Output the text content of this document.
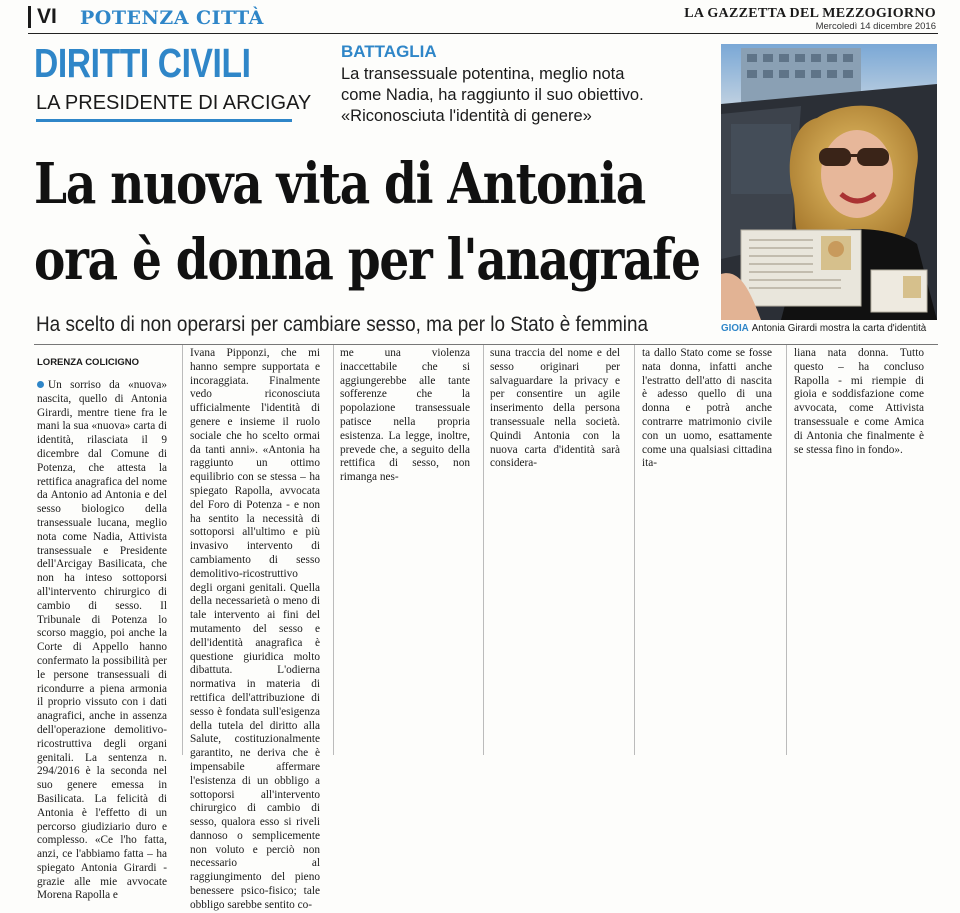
VI POTENZA CITTÀ	LA GAZZETTA DEL MEZZOGIORNO
Mercoledì 14 dicembre 2016
DIRITTI CIVILI
LA PRESIDENTE DI ARCIGAY
BATTAGLIA
La transessuale potentina, meglio nota come Nadia, ha raggiunto il suo obiettivo. «Riconosciuta l'identità di genere»
La nuova vita di Antonia
ora è donna per l'anagrafe
Ha scelto di non operarsi per cambiare sesso, ma per lo Stato è femmina	GIOIA Antonia Girardi mostra la carta d'identità
LORENZA COLICIGNO
Un sorriso da «nuova» nascita, quello di Antonia Girardi, mentre tiene fra le mani la sua «nuova» carta di identità, rilasciata il 9 dicembre dal Comune di Potenza, che attesta la rettifica anagrafica del nome da Antonio ad Antonia e del sesso biologico della transessuale lucana, meglio nota come Nadia, Attivista transessuale e Presidente dell'Arcigay Basilicata, che non ha inteso sottoporsi all'intervento chirurgico di cambio di sesso. Il Tribunale di Potenza lo scorso maggio, poi anche la Corte di Appello hanno confermato la possibilità per le persone transessuali di ricondurre a piena armonia il proprio vissuto con i dati anagrafici, anche in assenza dell'operazione demolitivo-ricostruttiva degli organi genitali. La sentenza n. 294/2016 è la seconda nel suo genere emessa in Basilicata. La felicità di Antonia è l'effetto di un percorso giudiziario duro e complesso. «Ce l'ho fatta, anzi, ce l'abbiamo fatta – ha spiegato Antonia Girardi - grazie alle mie avvocate Morena Rapolla e
Ivana Pipponzi, che mi hanno sempre supportata e incoraggiata. Finalmente vedo riconosciuta ufficialmente l'identità di genere e insieme il ruolo sociale che ho scelto ormai da tanti anni». «Antonia ha raggiunto un ottimo equilibrio con se stessa – ha spiegato Rapolla, avvocata del Foro di Potenza - e non ha sentito la necessità di sottoporsi all'ultimo e più invasivo intervento di cambiamento di sesso demolitivo-ricostruttivo degli organi genitali. Quella della necessarietà o meno di tale intervento ai fini del mutamento del sesso e dell'identità anagrafica è questione giuridica molto dibattuta. L'odierna normativa in materia di rettifica dell'attribuzione di sesso è fondata sull'esigenza della tutela del diritto alla Salute, costituzionalmente garantito, ne deriva che è impensabile affermare l'esistenza di un obbligo a sottoporsi all'intervento chirurgico di cambio di sesso, qualora esso si riveli dannoso o semplicemente non voluto e perciò non necessario al raggiungimento del pieno benessere psico-fisico; tale obbligo sarebbe sentito co-
me una violenza inaccettabile che si aggiungerebbe alle tante sofferenze che la popolazione transessuale patisce nella propria esistenza. La legge, inoltre, prevede che, a seguito della rettifica di sesso, non rimanga nes-
suna traccia del nome e del sesso originari per salvaguardare la privacy e per consentire un agile inserimento della persona transessuale nella società. Quindi Antonia con la nuova carta d'identità sarà considera-
ta dallo Stato come se fosse nata donna, infatti anche l'estratto dell'atto di nascita è adesso quello di una donna e potrà anche contrarre matrimonio civile con un uomo, esattamente come una qualsiasi cittadina ita-
liana nata donna. Tutto questo – ha concluso Rapolla - mi riempie di gioia e soddisfazione come avvocata, come Attivista transessuale e come Amica di Antonia che finalmente è se stessa fino in fondo».
